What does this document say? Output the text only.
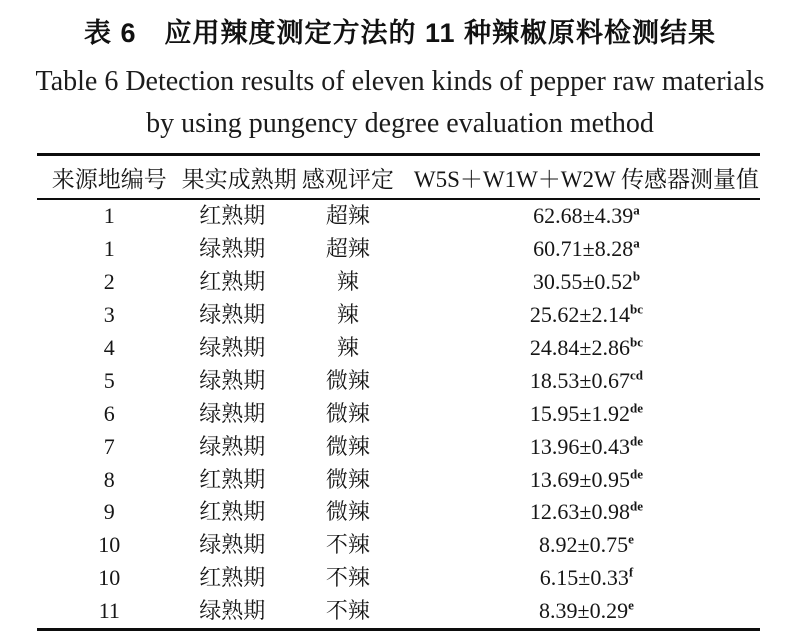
表 6　应用辣度测定方法的 11 种辣椒原料检测结果
Table 6 Detection results of eleven kinds of pepper raw materials
by using pungency degree evaluation method
来源地编号	果实成熟期	感观评定	W5S＋W1W＋W2W 传感器测量值
1	红熟期	超辣	62.68±4.39$^a$
1	绿熟期	超辣	60.71±8.28$^a$
2	红熟期	辣	30.55±0.52$^b$
3	绿熟期	辣	25.62±2.14$^{bc}$
4	绿熟期	辣	24.84±2.86$^{bc}$
5	绿熟期	微辣	18.53±0.67$^{cd}$
6	绿熟期	微辣	15.95±1.92de
7	绿熟期	微辣	13.96±0.43de
8	红熟期	微辣	13.69±0.95de
9	红熟期	微辣	12.63±0.98de
10	绿熟期	不辣	8.92±0.75$^e$
10	红熟期	不辣	6.15±0.33$^f$
11	绿熟期	不辣	8.39±0.29$^e$
